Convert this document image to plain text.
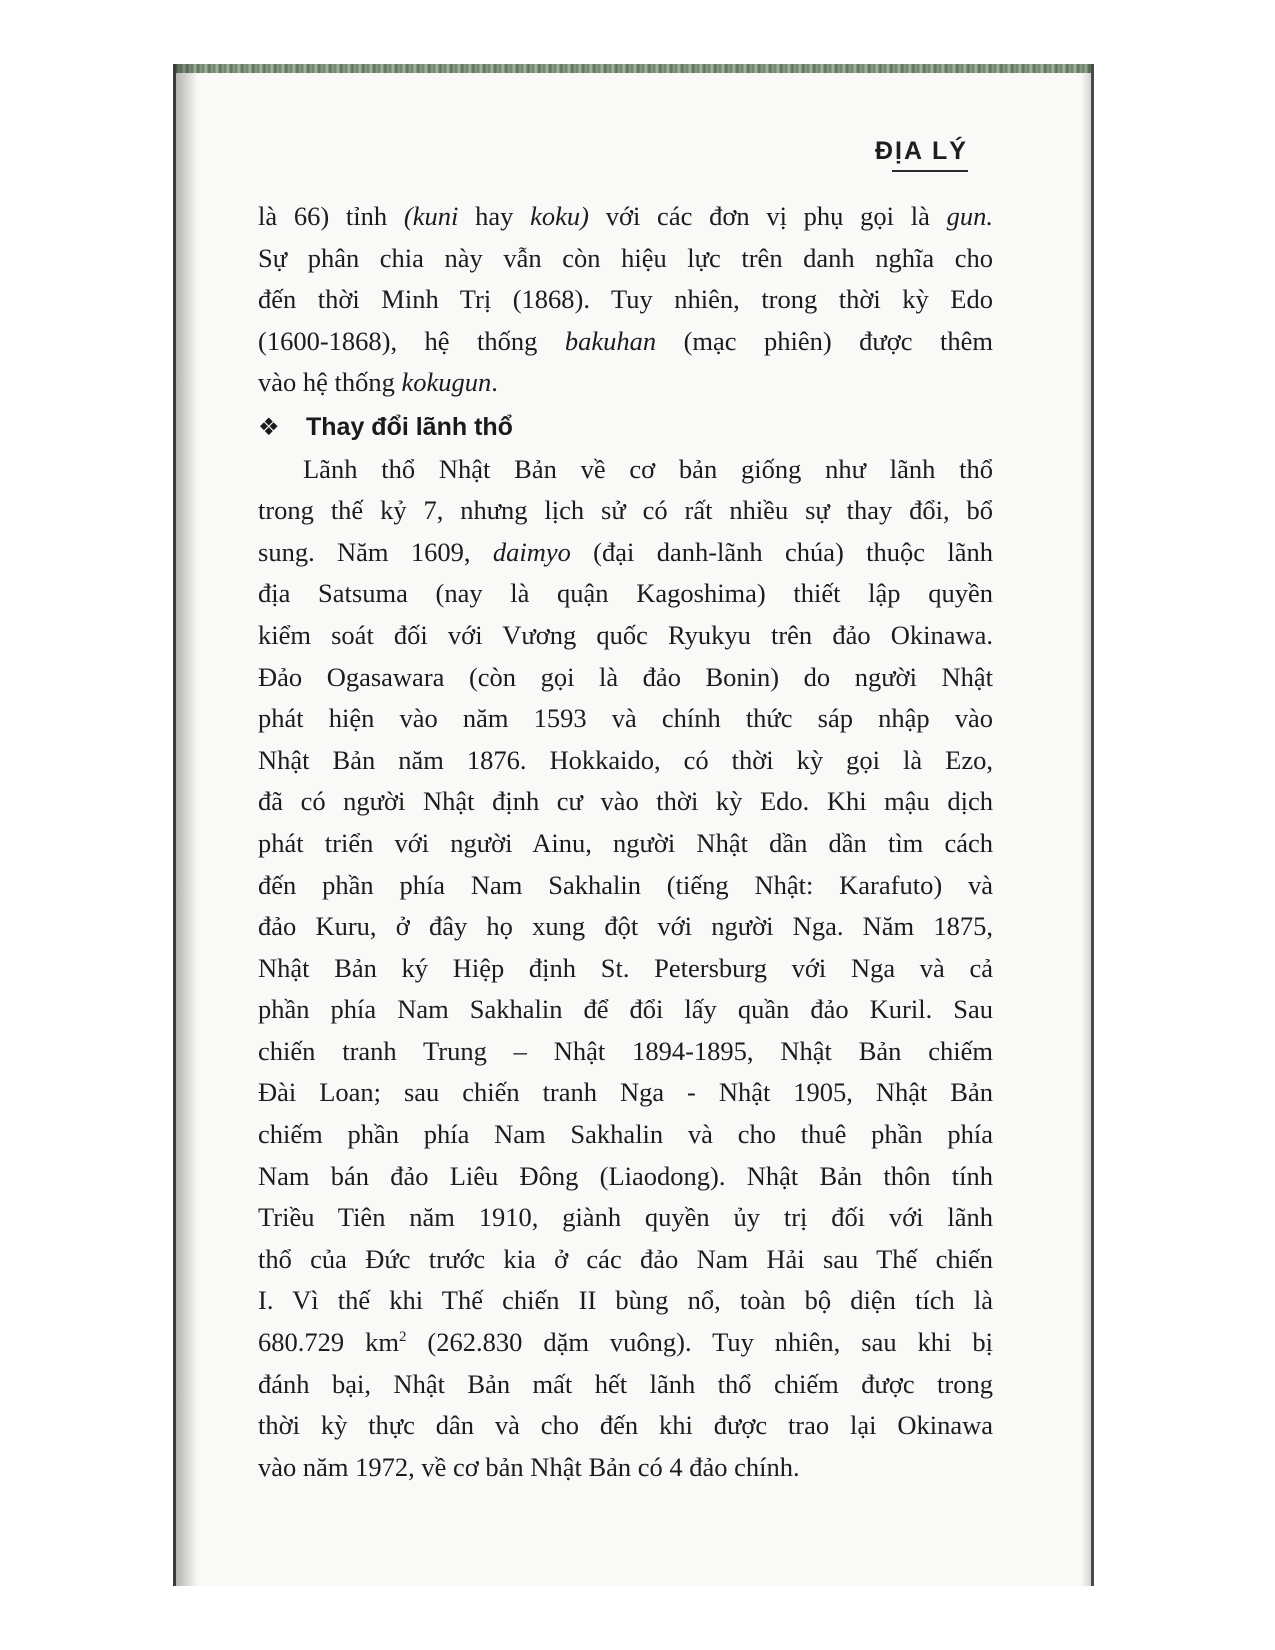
ĐỊA LÝ
là 66) tỉnh (kuni hay koku) với các đơn vị phụ gọi là gun.
Sự phân chia này vẫn còn hiệu lực trên danh nghĩa cho
đến thời Minh Trị (1868). Tuy nhiên, trong thời kỳ Edo
(1600-1868), hệ thống bakuhan (mạc phiên) được thêm
vào hệ thống kokugun.
❖ Thay đổi lãnh thổ
Lãnh thổ Nhật Bản về cơ bản giống như lãnh thổ
trong thế kỷ 7, nhưng lịch sử có rất nhiều sự thay đổi, bổ
sung. Năm 1609, daimyo (đại danh-lãnh chúa) thuộc lãnh
địa Satsuma (nay là quận Kagoshima) thiết lập quyền
kiểm soát đối với Vương quốc Ryukyu trên đảo Okinawa.
Đảo Ogasawara (còn gọi là đảo Bonin) do người Nhật
phát hiện vào năm 1593 và chính thức sáp nhập vào
Nhật Bản năm 1876. Hokkaido, có thời kỳ gọi là Ezo,
đã có người Nhật định cư vào thời kỳ Edo. Khi mậu dịch
phát triển với người Ainu, người Nhật dần dần tìm cách
đến phần phía Nam Sakhalin (tiếng Nhật: Karafuto) và
đảo Kuru, ở đây họ xung đột với người Nga. Năm 1875,
Nhật Bản ký Hiệp định St. Petersburg với Nga và cả
phần phía Nam Sakhalin để đổi lấy quần đảo Kuril. Sau
chiến tranh Trung – Nhật 1894-1895, Nhật Bản chiếm
Đài Loan; sau chiến tranh Nga - Nhật 1905, Nhật Bản
chiếm phần phía Nam Sakhalin và cho thuê phần phía
Nam bán đảo Liêu Đông (Liaodong). Nhật Bản thôn tính
Triều Tiên năm 1910, giành quyền ủy trị đối với lãnh
thổ của Đức trước kia ở các đảo Nam Hải sau Thế chiến
I. Vì thế khi Thế chiến II bùng nổ, toàn bộ diện tích là
680.729 $km^2$ (262.830 dặm vuông). Tuy nhiên, sau khi bị
đánh bại, Nhật Bản mất hết lãnh thổ chiếm được trong
thời kỳ thực dân và cho đến khi được trao lại Okinawa
vào năm 1972, về cơ bản Nhật Bản có 4 đảo chính.
